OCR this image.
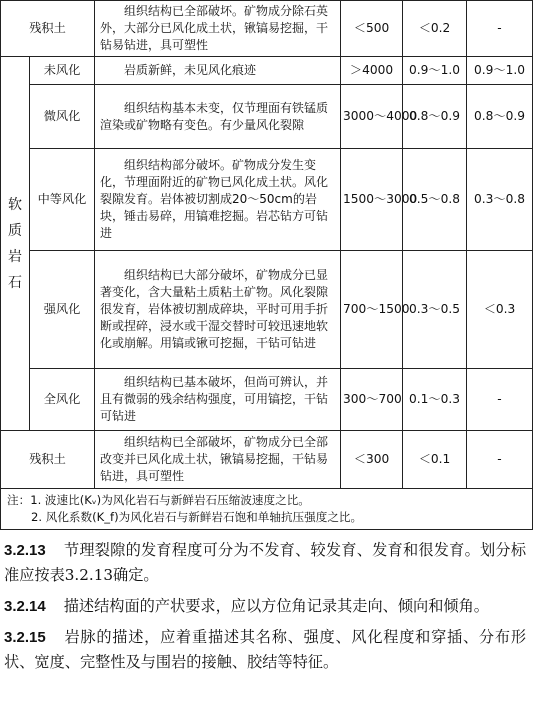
残积土		组织结构已全部破坏。矿物成分除石英外，大部分已风化成土状，锹镐易挖掘，干钻易钻进，具可塑性	＜500	＜0.2	-

软
质
岩
石	未风化	岩质新鲜，未见风化痕迹	＞4000	0.9～1.0	0.9～1.0
	微风化	组织结构基本未变，仅节理面有铁锰质渲染或矿物略有变色。有少量风化裂隙	3000～4000	0.8～0.9	0.8～0.9
	中等风化	组织结构部分破坏。矿物成分发生变化，节理面附近的矿物已风化成土状。风化裂隙发育。岩体被切割成20～50cm的岩块，锤击易碎，用镐难挖掘。岩芯钻方可钻进	1500～3000	0.5～0.8	0.3～0.8
	强风化	组织结构已大部分破坏，矿物成分已显著变化，含大量粘土质粘土矿物。风化裂隙很发育，岩体被切割成碎块，平时可用手折断或捏碎，浸水或干湿交替时可较迅速地软化或崩解。用镐或锹可挖掘，干钻可钻进	700～1500	0.3～0.5	＜0.3
	全风化	组织结构已基本破坏，但尚可辨认，并且有微弱的残余结构强度，可用镐挖，干钻可钻进	300～700	0.1～0.3	-
残积土		组织结构已全部破坏，矿物成分已全部改变并已风化成土状，锹镐易挖掘，干钻易钻进，具可塑性	＜300	＜0.1	-

注：1. 波速比(Kᵥ)为风化岩石与新鲜岩石压缩波速度之比。
2. 风化系数(K_f)为风化岩石与新鲜岩石饱和单轴抗压强度之比。					

3.2.13 节理裂隙的发育程度可分为不发育、较发育、发育和很发育。划分标准应按表3.2.13确定。

3.2.14 描述结构面的产状要求，应以方位角记录其走向、倾向和倾角。

3.2.15 岩脉的描述，应着重描述其名称、强度、风化程度和穿插、分布形状、宽度、完整性及与围岩的接触、胶结等特征。
